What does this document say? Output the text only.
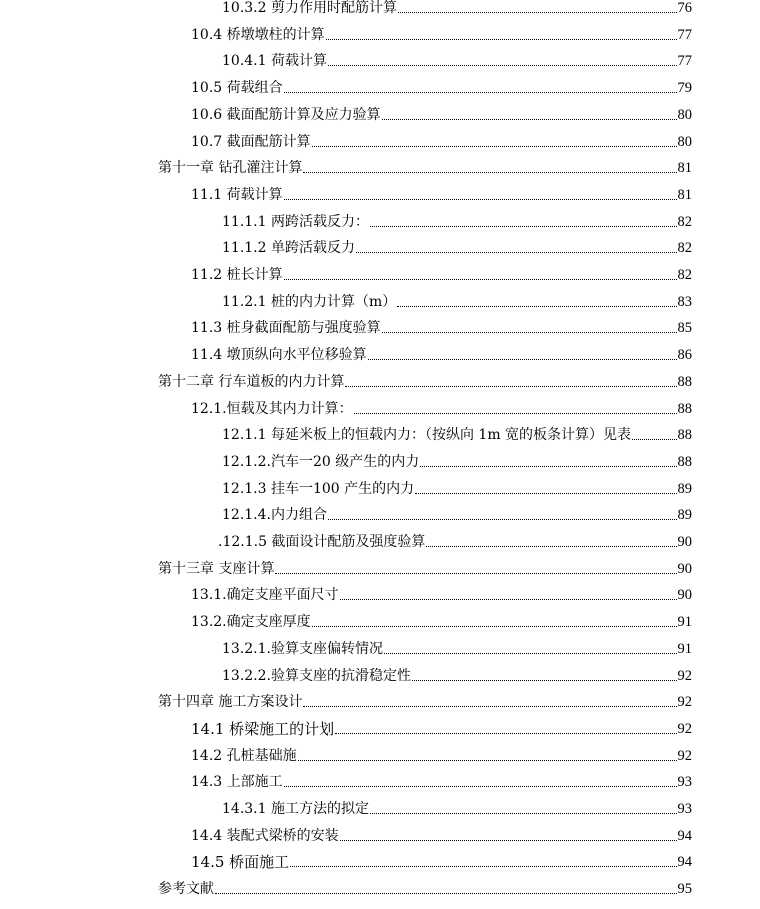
10.3.2 剪力作用时配筋计算	76
10.4 桥墩墩柱的计算	77
10.4.1 荷载计算	77
10.5 荷载组合	79
10.6 截面配筋计算及应力验算	80
10.7 截面配筋计算	80
第十一章 钻孔灌注计算	81
11.1 荷载计算	81
11.1.1 两跨活载反力：	82
11.1.2 单跨活载反力	82
11.2 桩长计算	82
11.2.1 桩的内力计算（m）	83
11.3 桩身截面配筋与强度验算	85
11.4 墩顶纵向水平位移验算	86
第十二章 行车道板的内力计算	88
12.1.恒载及其内力计算：	88
12.1.1 每延米板上的恒载内力：（按纵向 1m 宽的板条计算）见表	88
12.1.2.汽车一20 级产生的内力	88
12.1.3 挂车一100 产生的内力	89
12.1.4.内力组合	89
.12.1.5 截面设计配筋及强度验算	90
第十三章 支座计算	90
13.1.确定支座平面尺寸	90
13.2.确定支座厚度	91
13.2.1.验算支座偏转情况	91
13.2.2.验算支座的抗滑稳定性	92
第十四章 施工方案设计	92
14.1 桥梁施工的计划	92
14.2 孔桩基础施	92
14.3 上部施工	93
14.3.1 施工方法的拟定	93
14.4 装配式梁桥的安装	94
14.5 桥面施工	94
参考文献	95
